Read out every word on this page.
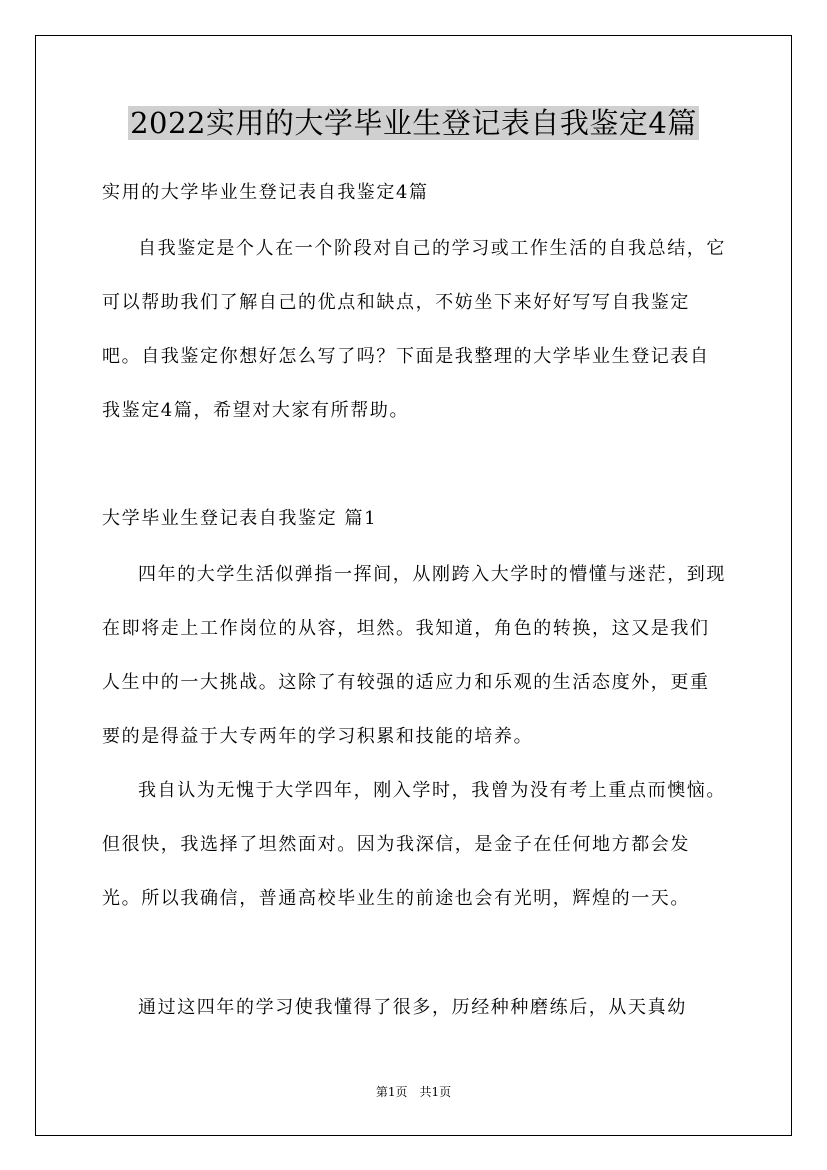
2022实用的大学毕业生登记表自我鉴定4篇

实用的大学毕业生登记表自我鉴定4篇

自我鉴定是个人在一个阶段对自己的学习或工作生活的自我总结，它可以帮助我们了解自己的优点和缺点，不妨坐下来好好写写自我鉴定吧。自我鉴定你想好怎么写了吗？下面是我整理的大学毕业生登记表自我鉴定4篇，希望对大家有所帮助。

大学毕业生登记表自我鉴定 篇1

四年的大学生活似弹指一挥间，从刚跨入大学时的懵懂与迷茫，到现在即将走上工作岗位的从容，坦然。我知道，角色的转换，这又是我们人生中的一大挑战。这除了有较强的适应力和乐观的生活态度外，更重要的是得益于大专两年的学习积累和技能的培养。

我自认为无愧于大学四年，刚入学时，我曾为没有考上重点而懊恼。但很快，我选择了坦然面对。因为我深信，是金子在任何地方都会发光。所以我确信，普通高校毕业生的前途也会有光明，辉煌的一天。

通过这四年的学习使我懂得了很多，历经种种磨练后，从天真幼

第1页 共1页
